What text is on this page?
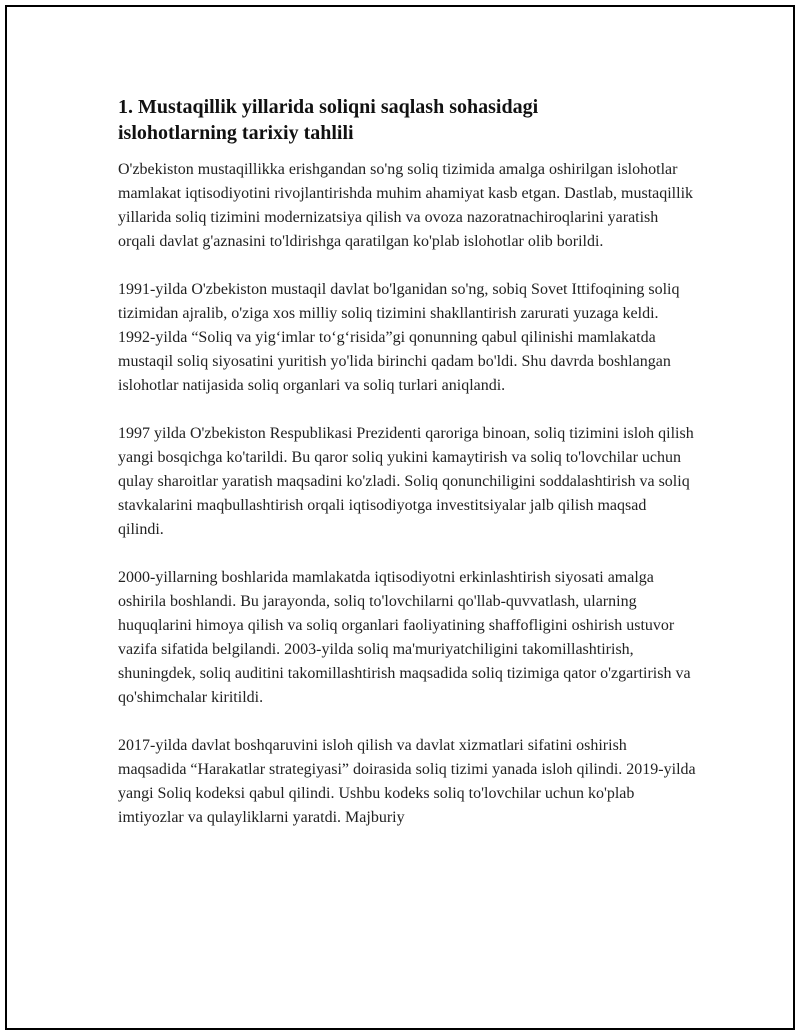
1. Mustaqillik yillarida soliqni saqlash sohasidagi
islohotlarning tarixiy tahlili

O'zbekiston mustaqillikka erishgandan so'ng soliq tizimida amalga oshirilgan islohotlar mamlakat iqtisodiyotini rivojlantirishda muhim ahamiyat kasb etgan. Dastlab, mustaqillik yillarida soliq tizimini modernizatsiya qilish va ovoza nazoratnachiroqlarini yaratish orqali davlat g'aznasini to'ldirishga qaratilgan ko'plab islohotlar olib borildi.

1991-yilda O'zbekiston mustaqil davlat bo'lganidan so'ng, sobiq Sovet Ittifoqining soliq tizimidan ajralib, o'ziga xos milliy soliq tizimini shakllantirish zarurati yuzaga keldi. 1992-yilda “Soliq va yig‘imlar to‘g‘risida”gi qonunning qabul qilinishi mamlakatda mustaqil soliq siyosatini yuritish yo'lida birinchi qadam bo'ldi. Shu davrda boshlangan islohotlar natijasida soliq organlari va soliq turlari aniqlandi.

1997 yilda O'zbekiston Respublikasi Prezidenti qaroriga binoan, soliq tizimini isloh qilish yangi bosqichga ko'tarildi. Bu qaror soliq yukini kamaytirish va soliq to'lovchilar uchun qulay sharoitlar yaratish maqsadini ko'zladi. Soliq qonunchiligini soddalashtirish va soliq stavkalarini maqbullashtirish orqali iqtisodiyotga investitsiyalar jalb qilish maqsad qilindi.

2000-yillarning boshlarida mamlakatda iqtisodiyotni erkinlashtirish siyosati amalga oshirila boshlandi. Bu jarayonda, soliq to'lovchilarni qo'llab-quvvatlash, ularning huquqlarini himoya qilish va soliq organlari faoliyatining shaffofligini oshirish ustuvor vazifa sifatida belgilandi. 2003-yilda soliq ma'muriyatchiligini takomillashtirish, shuningdek, soliq auditini takomillashtirish maqsadida soliq tizimiga qator o'zgartirish va qo'shimchalar kiritildi.

2017-yilda davlat boshqaruvini isloh qilish va davlat xizmatlari sifatini oshirish maqsadida “Harakatlar strategiyasi” doirasida soliq tizimi yanada isloh qilindi. 2019-yilda yangi Soliq kodeksi qabul qilindi. Ushbu kodeks soliq to'lovchilar uchun ko'plab imtiyozlar va qulayliklarni yaratdi. Majburiy
